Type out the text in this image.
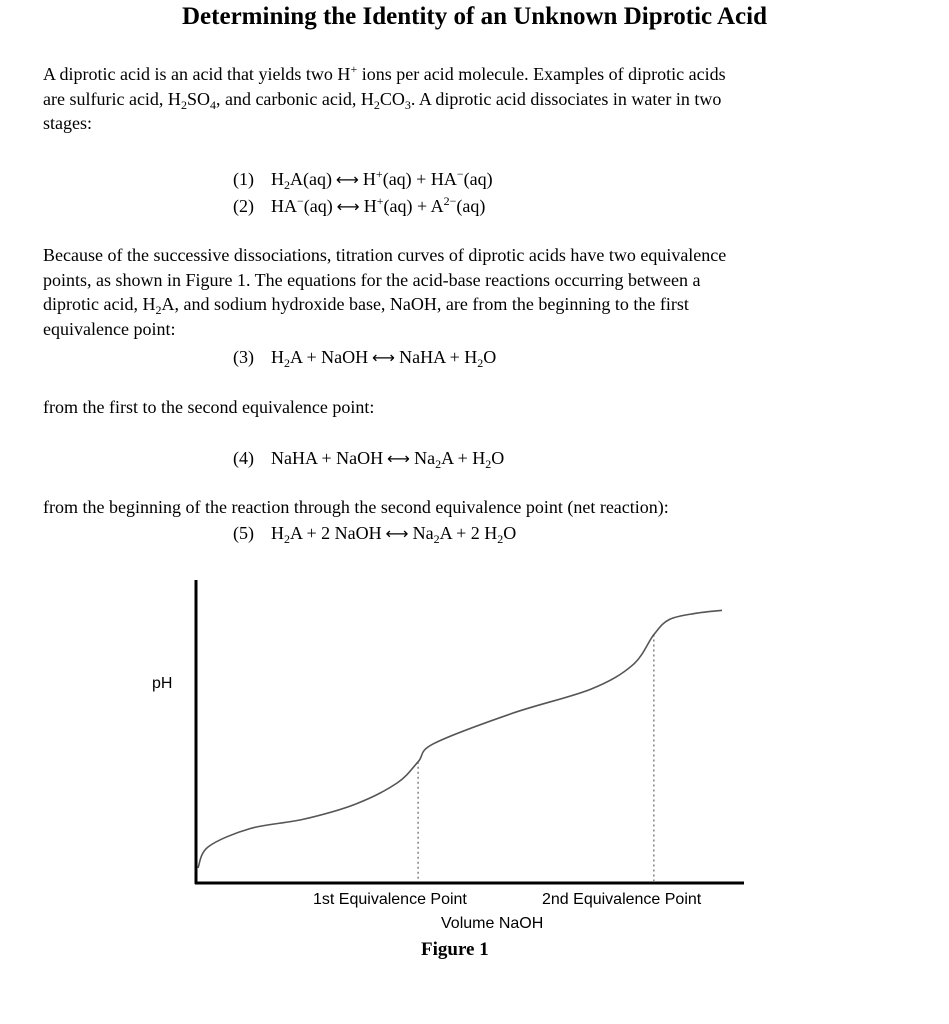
Determining the Identity of an Unknown Diprotic Acid
A diprotic acid is an acid that yields two H+ ions per acid molecule. Examples of diprotic acids
are sulfuric acid, $H_2SO_4$, and carbonic acid, $H_2CO_3$. A diprotic acid dissociates in water in two
stages:
(1) $H_2A(aq)$ ⟷ H+(aq) + HA−(aq)
(2) HA−(aq) ⟷ $H^+(aq) + A^{2-}(aq)$
Because of the successive dissociations, titration curves of diprotic acids have two equivalence
points, as shown in Figure 1. The equations for the acid-base reactions occurring between a
diprotic acid, $H_2A$, and sodium hydroxide base, NaOH, are from the beginning to the first
equivalence point:
(3) $H_2A$ + NaOH ⟷ NaHA + $H_2O$
from the first to the second equivalence point:
(4) NaHA + NaOH ⟷ $Na_2A + H_2O$
from the beginning of the reaction through the second equivalence point (net reaction):
(5) $H_2A + 2$ NaOH ⟷ $Na_2A + 2$ $H_2O$
pH
1st Equivalence Point	2nd Equivalence Point
Volume NaOH
Figure 1
